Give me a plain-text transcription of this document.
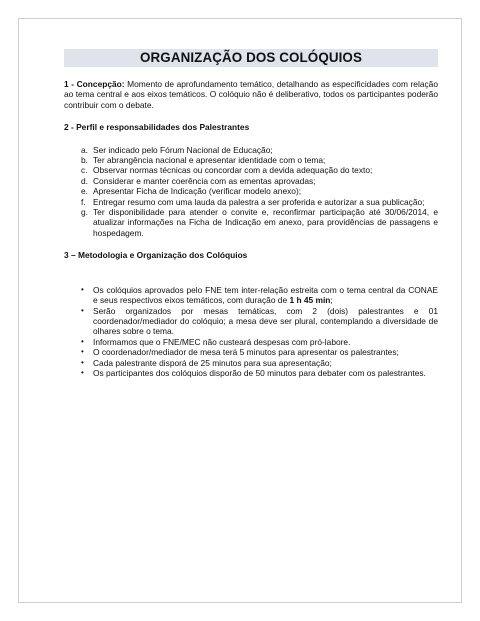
ORGANIZAÇÃO DOS COLÓQUIOS

1 - Concepção: Momento de aprofundamento temático, detalhando as especificidades com relação ao tema central e aos eixos temáticos. O colóquio não é deliberativo, todos os participantes poderão contribuir com o debate.

2 - Perfil e responsabilidades dos Palestrantes

a. Ser indicado pelo Fórum Nacional de Educação;
b. Ter abrangência nacional e apresentar identidade com o tema;
c. Observar normas técnicas ou concordar com a devida adequação do texto;
d. Considerar e manter coerência com as ementas aprovadas;
e. Apresentar Ficha de Indicação (verificar modelo anexo);
f. Entregar resumo com uma lauda da palestra a ser proferida e autorizar a sua publicação;
g. Ter disponibilidade para atender o convite e, reconfirmar participação até 30/06/2014, e atualizar informações na Ficha de Indicação em anexo, para providências de passagens e hospedagem.

3 – Metodologia e Organização dos Colóquios

•	Os colóquios aprovados pelo FNE tem inter-relação estreita com o tema central da CONAE e seus respectivos eixos temáticos, com duração de 1 h 45 min;
•	Serão organizados por mesas temáticas, com 2 (dois) palestrantes e 01 coordenador/mediador do colóquio; a mesa deve ser plural, contemplando a diversidade de olhares sobre o tema.
•	Informamos que o FNE/MEC não custeará despesas com pró-labore.
•	O coordenador/mediador de mesa terá 5 minutos para apresentar os palestrantes;
•	Cada palestrante disporá de 25 minutos para sua apresentação;
•	Os participantes dos colóquios disporão de 50 minutos para debater com os palestrantes.
